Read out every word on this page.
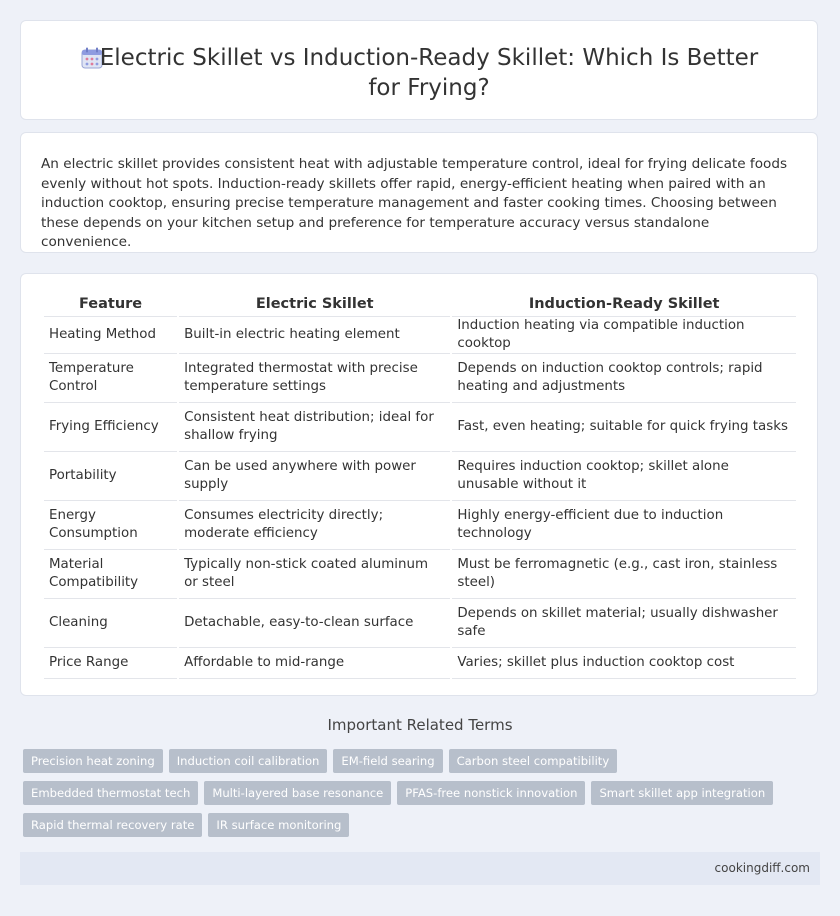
Electric Skillet vs Induction-Ready Skillet: Which Is Better for Frying?
An electric skillet provides consistent heat with adjustable temperature control, ideal for frying delicate foods evenly without hot spots. Induction-ready skillets offer rapid, energy-efficient heating when paired with an induction cooktop, ensuring precise temperature management and faster cooking times. Choosing between these depends on your kitchen setup and preference for temperature accuracy versus standalone convenience.
Feature	Electric Skillet	Induction-Ready Skillet
Heating Method	Built-in electric heating element	Induction heating via compatible induction cooktop
Temperature Control	Integrated thermostat with precise temperature settings	Depends on induction cooktop controls; rapid heating and adjustments
Frying Efficiency	Consistent heat distribution; ideal for shallow frying	Fast, even heating; suitable for quick frying tasks
Portability	Can be used anywhere with power supply	Requires induction cooktop; skillet alone unusable without it
Energy Consumption	Consumes electricity directly; moderate efficiency	Highly energy-efficient due to induction technology
Material Compatibility	Typically non-stick coated aluminum or steel	Must be ferromagnetic (e.g., cast iron, stainless steel)
Cleaning	Detachable, easy-to-clean surface	Depends on skillet material; usually dishwasher safe
Price Range	Affordable to mid-range	Varies; skillet plus induction cooktop cost
Important Related Terms
Precision heat zoning Induction coil calibration EM-field searing Carbon steel compatibilityEmbedded thermostat tech Multi-layered base resonance PFAS-free nonstick innovation Smart skillet app integrationRapid thermal recovery rate IR surface monitoring
cookingdiff.com
